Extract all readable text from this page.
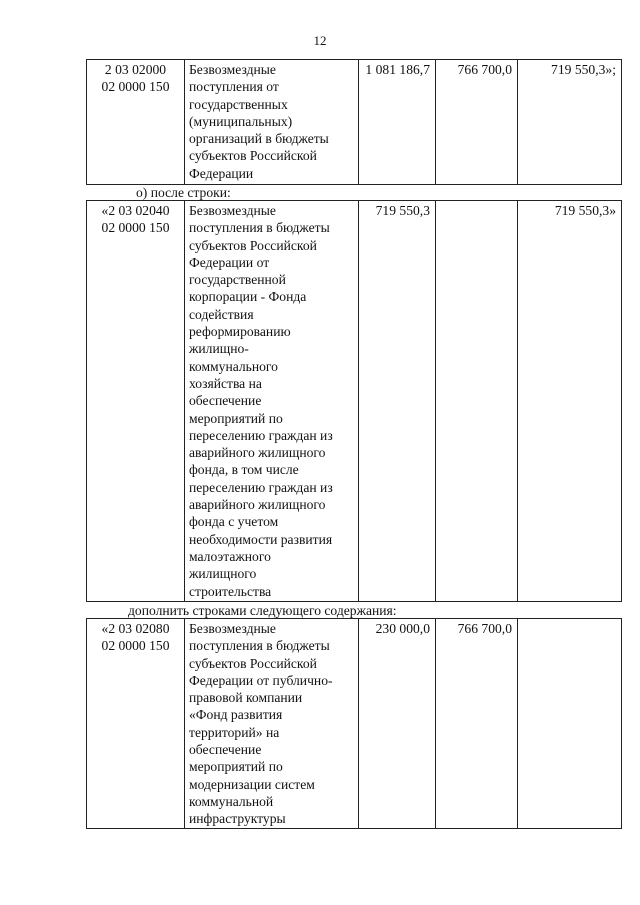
12
2 03 02000
02 0000 150	Безвозмездные
поступления от
государственных
(муниципальных)
организаций в бюджеты
субъектов Российской
Федерации	1 081 186,7	766 700,0	719 550,3»;
о) после строки:
«2 03 02040
02 0000 150	Безвозмездные
поступления в бюджеты
субъектов Российской
Федерации от
государственной
корпорации - Фонда
содействия
реформированию
жилищно-
коммунального
хозяйства на
обеспечение
мероприятий по
переселению граждан из
аварийного жилищного
фонда, в том числе
переселению граждан из
аварийного жилищного
фонда с учетом
необходимости развития
малоэтажного
жилищного
строительства	719 550,3		719 550,3»
дополнить строками следующего содержания:
«2 03 02080
02 0000 150	Безвозмездные
поступления в бюджеты
субъектов Российской
Федерации от публично-
правовой компании
«Фонд развития
территорий» на
обеспечение
мероприятий по
модернизации систем
коммунальной
инфраструктуры	230 000,0	766 700,0	
